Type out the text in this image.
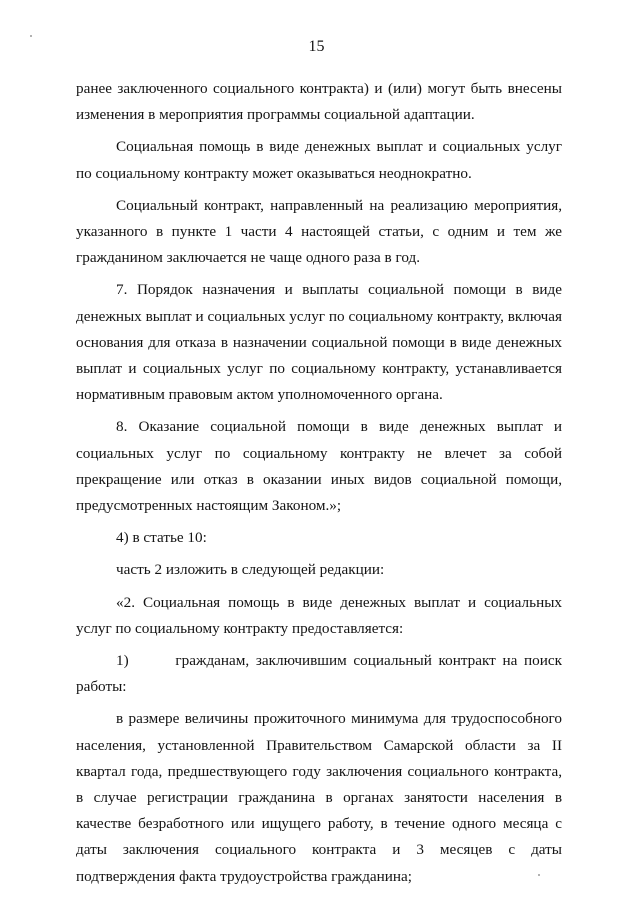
15

ранее заключенного социального контракта) и (или) могут быть внесены изменения в мероприятия программы социальной адаптации.

Социальная помощь в виде денежных выплат и социальных услуг по социальному контракту может оказываться неоднократно.

Социальный контракт, направленный на реализацию мероприятия, указанного в пункте 1 части 4 настоящей статьи, с одним и тем же гражданином заключается не чаще одного раза в год.

7. Порядок назначения и выплаты социальной помощи в виде денежных выплат и социальных услуг по социальному контракту, включая основания для отказа в назначении социальной помощи в виде денежных выплат и социальных услуг по социальному контракту, устанавливается нормативным правовым актом уполномоченного органа.

8. Оказание социальной помощи в виде денежных выплат и социальных услуг по социальному контракту не влечет за собой прекращение или отказ в оказании иных видов социальной помощи, предусмотренных настоящим Законом.»;

4) в статье 10:

часть 2 изложить в следующей редакции:

«2. Социальная помощь в виде денежных выплат и социальных услуг по социальному контракту предоставляется:

1)       гражданам, заключившим социальный контракт на поиск работы:

в размере величины прожиточного минимума для трудоспособного населения, установленной Правительством Самарской области за II квартал года, предшествующего году заключения социального контракта, в случае регистрации гражданина в органах занятости населения в качестве безработного или ищущего работу, в течение одного месяца с даты заключения социального контракта и 3 месяцев с даты подтверждения факта трудоустройства гражданина;
